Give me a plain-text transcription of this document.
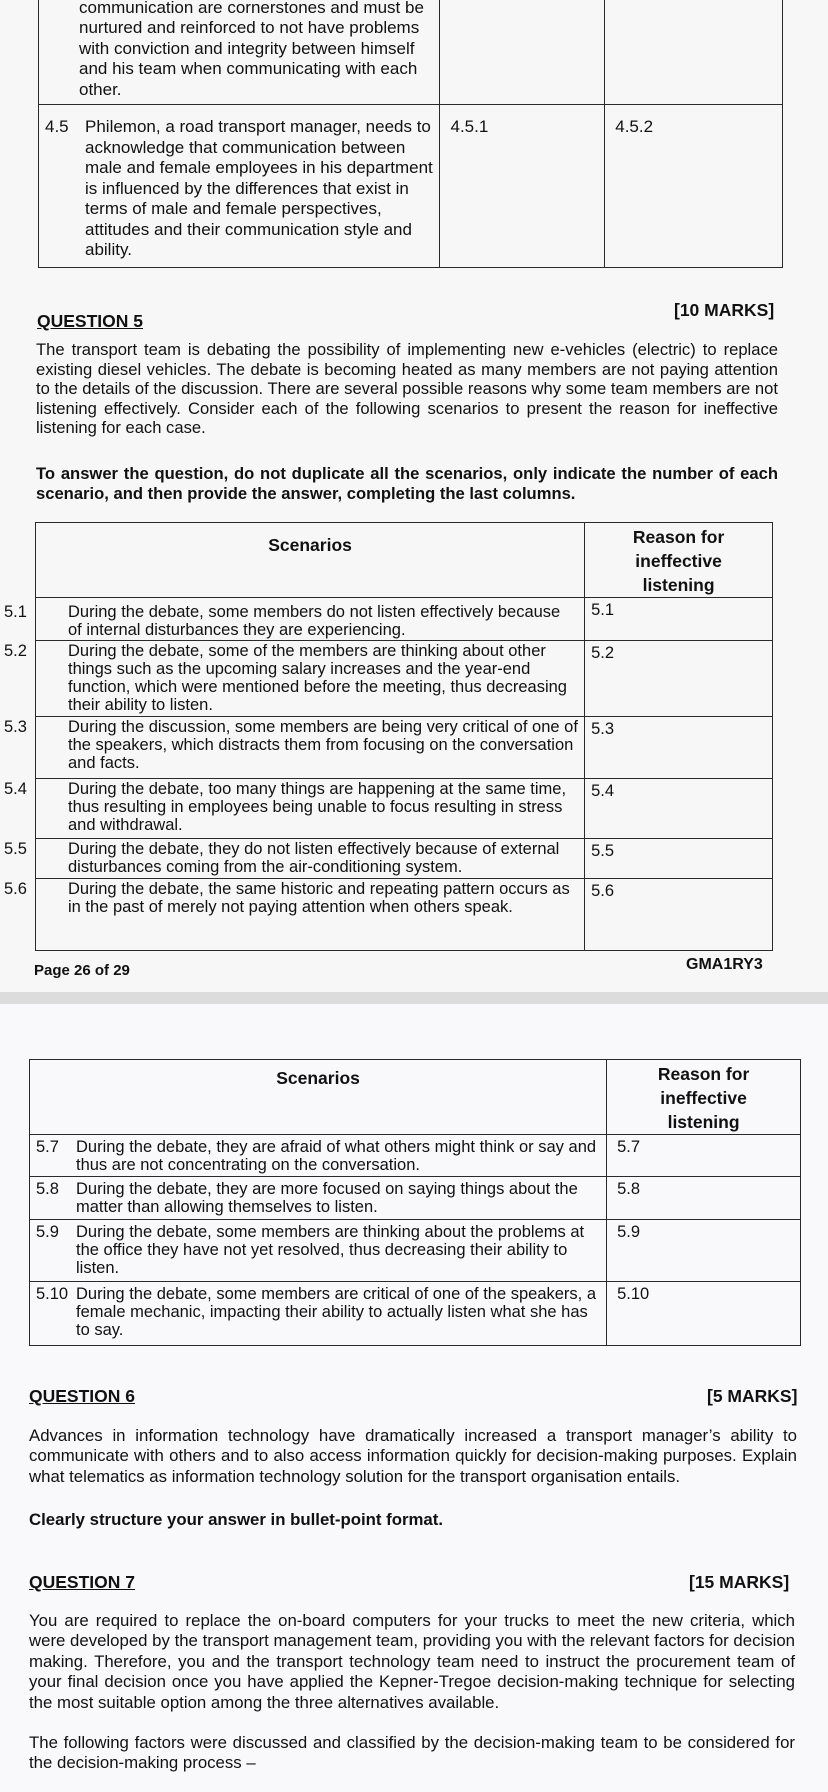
communication are cornerstones and must be nurtured and reinforced to not have problems with conviction and integrity between himself and his team when communicating with each other.		
4.5 Philemon, a road transport manager, needs to acknowledge that communication between male and female employees in his department is influenced by the differences that exist in terms of male and female perspectives, attitudes and their communication style and ability.	4.5.1	4.5.2
QUESTION 5
[10 MARKS]
The transport team is debating the possibility of implementing new e-vehicles (electric) to replace existing diesel vehicles. The debate is becoming heated as many members are not paying attention to the details of the discussion. There are several possible reasons why some team members are not listening effectively. Consider each of the following scenarios to present the reason for ineffective listening for each case.
To answer the question, do not duplicate all the scenarios, only indicate the number of each scenario, and then provide the answer, completing the last columns.
Scenarios	Reason for ineffective listening
5.1 During the debate, some members do not listen effectively because of internal disturbances they are experiencing.	5.1
5.2 During the debate, some of the members are thinking about other things such as the upcoming salary increases and the year-end function, which were mentioned before the meeting, thus decreasing their ability to listen.	5.2
5.3 During the discussion, some members are being very critical of one of the speakers, which distracts them from focusing on the conversation and facts.	5.3
5.4 During the debate, too many things are happening at the same time, thus resulting in employees being unable to focus resulting in stress and withdrawal.	5.4
5.5 During the debate, they do not listen effectively because of external disturbances coming from the air-conditioning system.	5.5
5.6 During the debate, the same historic and repeating pattern occurs as in the past of merely not paying attention when others speak.	5.6
Page 26 of 29	GMA1RY3
Scenarios	Reason for ineffective listening
5.7 During the debate, they are afraid of what others might think or say and thus are not concentrating on the conversation.	5.7
5.8 During the debate, they are more focused on saying things about the matter than allowing themselves to listen.	5.8
5.9 During the debate, some members are thinking about the problems at the office they have not yet resolved, thus decreasing their ability to listen.	5.9
5.10 During the debate, some members are critical of one of the speakers, a female mechanic, impacting their ability to actually listen what she has to say.	5.10
QUESTION 6	[5 MARKS]
Advances in information technology have dramatically increased a transport manager’s ability to communicate with others and to also access information quickly for decision-making purposes. Explain what telematics as information technology solution for the transport organisation entails.
Clearly structure your answer in bullet-point format.
QUESTION 7	[15 MARKS]
You are required to replace the on-board computers for your trucks to meet the new criteria, which were developed by the transport management team, providing you with the relevant factors for decision making. Therefore, you and the transport technology team need to instruct the procurement team of your final decision once you have applied the Kepner-Tregoe decision-making technique for selecting the most suitable option among the three alternatives available.
The following factors were discussed and classified by the decision-making team to be considered for the decision-making process –
